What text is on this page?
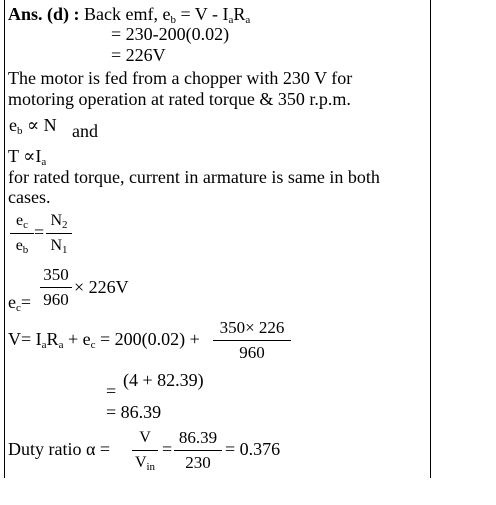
Ans. (d) : Back emf, $e_b = V - I_aR_a$
= 230-200(0.02)
= 226V
The motor is fed from a chopper with 230 V for
motoring operation at rated torque & 350 r.p.m.
$e_b \propto N$ and
$T \propto I_a$
for rated torque, current in armature is same in both
cases.
$e_c$
$e_b$
=
$N_2$
$N_1$
350
960
× 226V
$e_c=$
$V= I_aR_a + e_c = 200(0.02)$ +
350× 226
960
=
(4 + 82.39)
= 86.39
Duty ratio α =
V
$V_{in}$
=
86.39
230
= 0.376
